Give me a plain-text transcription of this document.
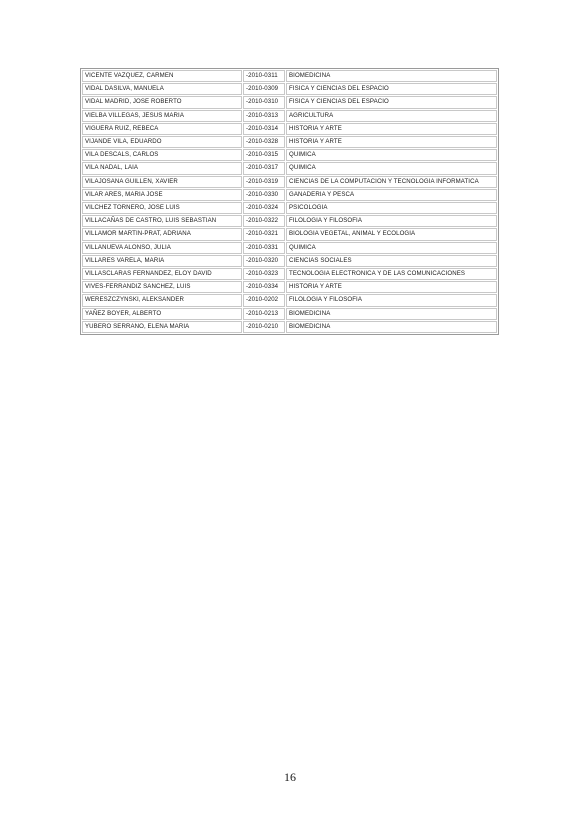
VICENTE VAZQUEZ, CARMEN	-2010-0311	BIOMEDICINA
VIDAL DASILVA, MANUELA	-2010-0309	FISICA Y CIENCIAS DEL ESPACIO
VIDAL MADRID, JOSE ROBERTO	-2010-0310	FISICA Y CIENCIAS DEL ESPACIO
VIELBA VILLEGAS, JESUS MARIA	-2010-0313	AGRICULTURA
VIGUERA RUIZ, REBECA	-2010-0314	HISTORIA Y ARTE
VIJANDE VILA, EDUARDO	-2010-0328	HISTORIA Y ARTE
VILA DESCALS, CARLOS	-2010-0315	QUIMICA
VILA NADAL, LAIA	-2010-0317	QUIMICA
VILAJOSANA GUILLEN, XAVIER	-2010-0319	CIENCIAS DE LA COMPUTACION Y TECNOLOGIA INFORMATICA
VILAR ARES, MARIA JOSE	-2010-0330	GANADERIA Y PESCA
VILCHEZ TORNERO, JOSE LUIS	-2010-0324	PSICOLOGIA
VILLACAÑAS DE CASTRO, LUIS SEBASTIAN	-2010-0322	FILOLOGIA Y FILOSOFIA
VILLAMOR MARTIN-PRAT, ADRIANA	-2010-0321	BIOLOGIA VEGETAL, ANIMAL Y ECOLOGIA
VILLANUEVA ALONSO, JULIA	-2010-0331	QUIMICA
VILLARES VARELA, MARIA	-2010-0320	CIENCIAS SOCIALES
VILLASCLARAS FERNANDEZ, ELOY DAVID	-2010-0323	TECNOLOGIA ELECTRONICA Y DE LAS COMUNICACIONES
VIVES-FERRANDIZ SANCHEZ, LUIS	-2010-0334	HISTORIA Y ARTE
WERESZCZYNSKI, ALEKSANDER	-2010-0202	FILOLOGIA Y FILOSOFIA
YAÑEZ BOYER, ALBERTO	-2010-0213	BIOMEDICINA
YUBERO SERRANO, ELENA MARIA	-2010-0210	BIOMEDICINA
16
